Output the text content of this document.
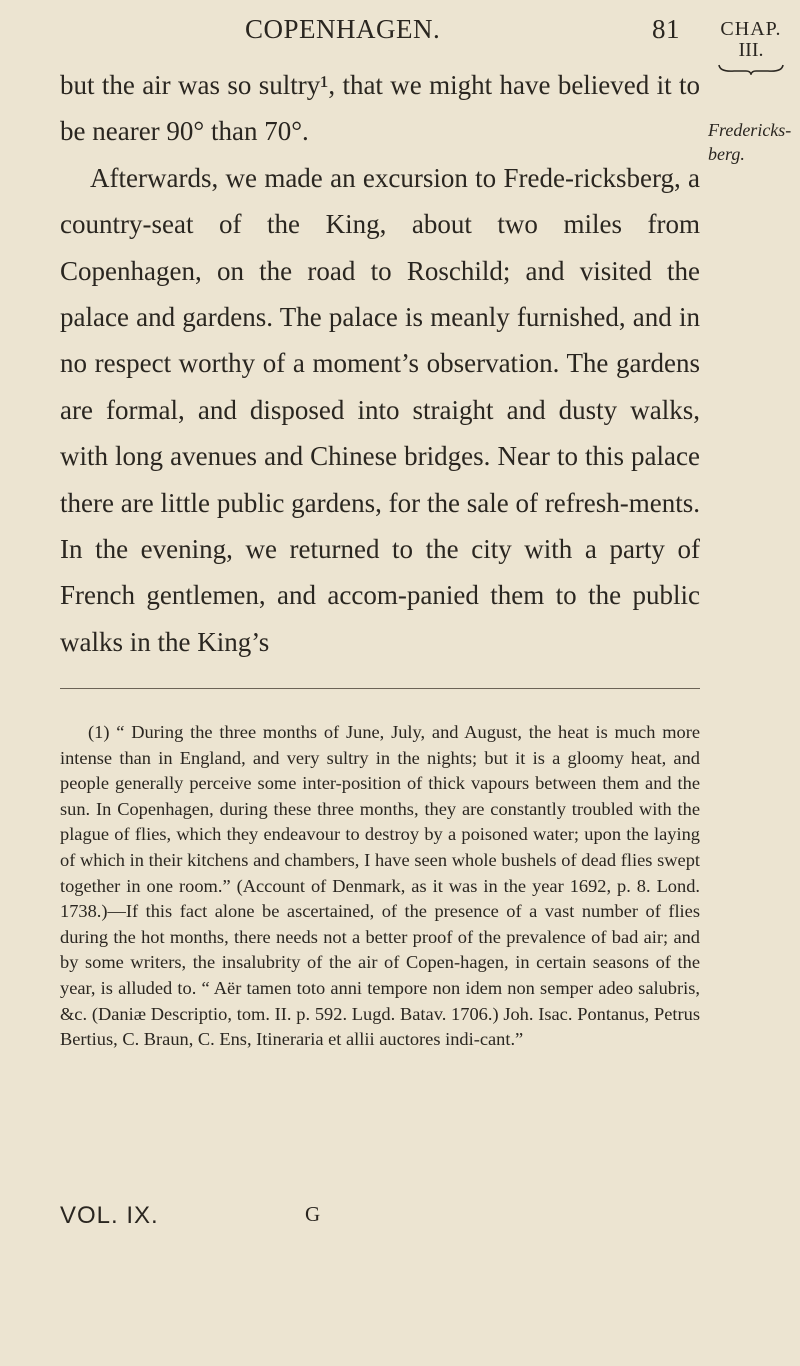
COPENHAGEN.	81	CHAP.
III.
Fredericks-berg.

but the air was so sultry¹, that we might have believed it to be nearer 90° than 70°.

Afterwards, we made an excursion to Frede-ricksberg, a country-seat of the King, about two miles from Copenhagen, on the road to Roschild; and visited the palace and gardens. The palace is meanly furnished, and in no respect worthy of a moment’s observation. The gardens are formal, and disposed into straight and dusty walks, with long avenues and Chinese bridges. Near to this palace there are little public gardens, for the sale of refresh-ments. In the evening, we returned to the city with a party of French gentlemen, and accom-panied them to the public walks in the King’s

(1) “ During the three months of June, July, and August, the heat is much more intense than in England, and very sultry in the nights; but it is a gloomy heat, and people generally perceive some inter-position of thick vapours between them and the sun. In Copenhagen, during these three months, they are constantly troubled with the plague of flies, which they endeavour to destroy by a poisoned water; upon the laying of which in their kitchens and chambers, I have seen whole bushels of dead flies swept together in one room.” (Account of Denmark, as it was in the year 1692, p. 8. Lond. 1738.)—If this fact alone be ascertained, of the presence of a vast number of flies during the hot months, there needs not a better proof of the prevalence of bad air; and by some writers, the insalubrity of the air of Copen-hagen, in certain seasons of the year, is alluded to. “ Aër tamen toto anni tempore non idem non semper adeo salubris, &c. (Daniæ Descriptio, tom. II. p. 592. Lugd. Batav. 1706.) Joh. Isac. Pontanus, Petrus Bertius, C. Braun, C. Ens, Itineraria et allii auctores indi-cant.”
VOL. IX.	G
